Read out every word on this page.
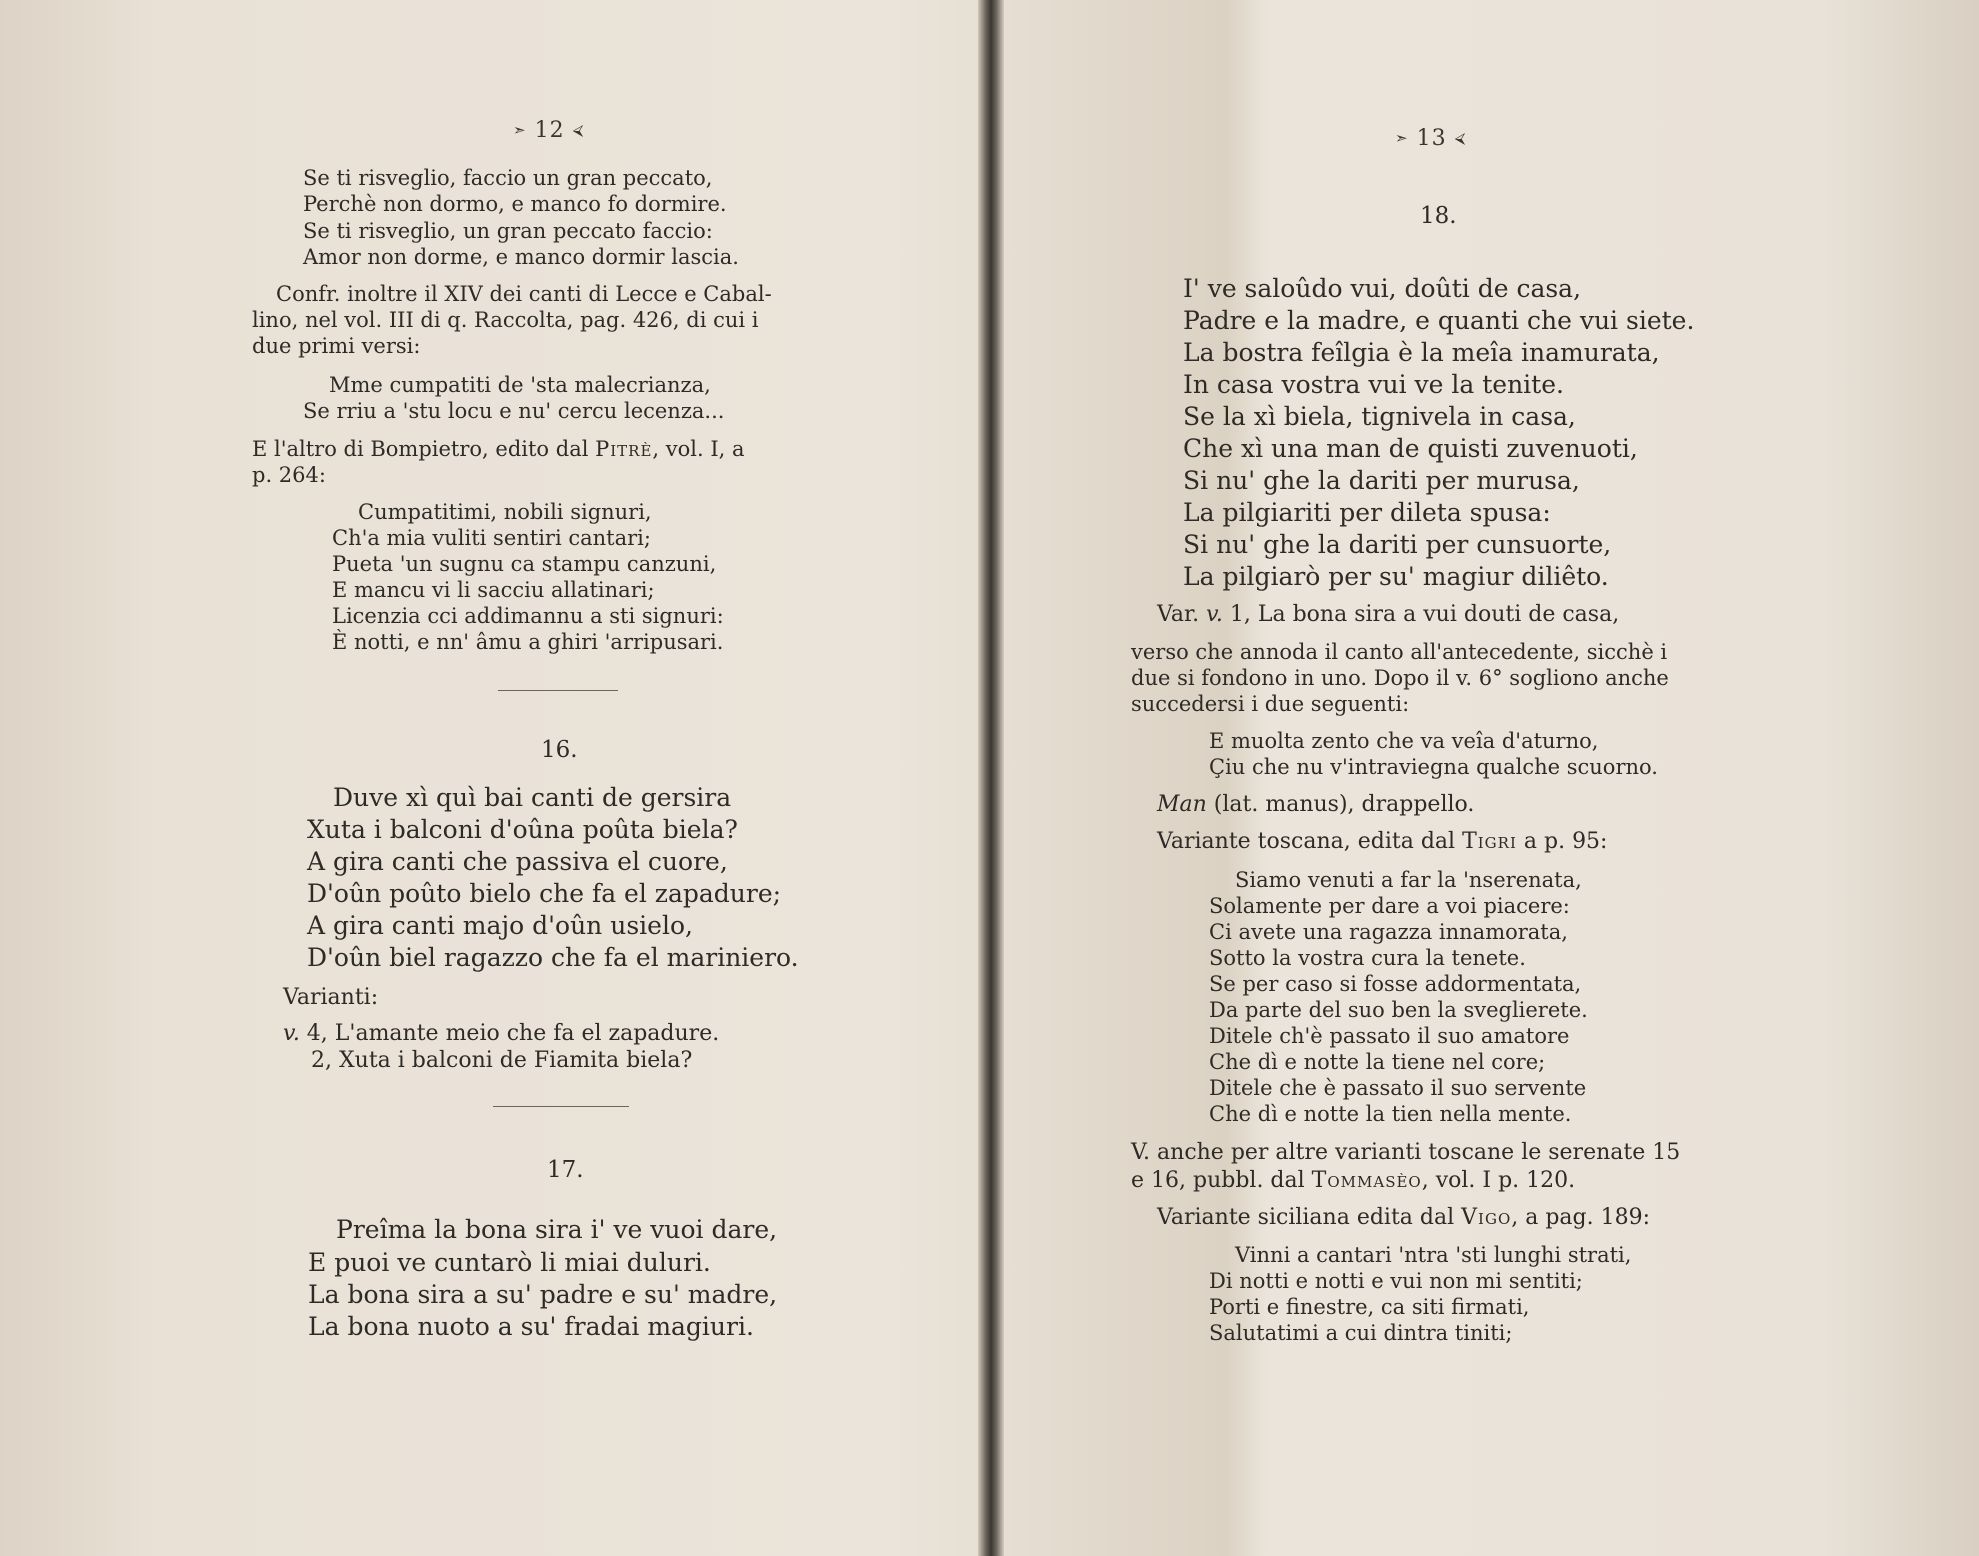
➣ 12 ⮘
Se ti risveglio, faccio un gran peccato,
Perchè non dormo, e manco fo dormire.
Se ti risveglio, un gran peccato faccio:
Amor non dorme, e manco dormir lascia.
Confr. inoltre il XIV dei canti di Lecce e Cabal-
lino, nel vol. III di q. Raccolta, pag. 426, di cui i
due primi versi:
Mme cumpatiti de 'sta malecrianza,
Se rriu a 'stu locu e nu' cercu lecenza...
E l'altro di Bompietro, edito dal Pitrè, vol. I, a
p. 264:
Cumpatitimi, nobili signuri,
Ch'a mia vuliti sentiri cantari;
Pueta 'un sugnu ca stampu canzuni,
E mancu vi li sacciu allatinari;
Licenzia cci addimannu a sti signuri:
È notti, e nn' âmu a ghiri 'arripusari.
16.
Duve xì quì bai canti de gersira
Xuta i balconi d'oûna poûta biela?
A gira canti che passiva el cuore,
D'oûn poûto bielo che fa el zapadure;
A gira canti majo d'oûn usielo,
D'oûn biel ragazzo che fa el mariniero.
Varianti:
v. 4, L'amante meio che fa el zapadure.
2, Xuta i balconi de Fiamita biela?
17.
Preîma la bona sira i' ve vuoi dare,
E puoi ve cuntarò li miai duluri.
La bona sira a su' padre e su' madre,
La bona nuoto a su' fradai magiuri.
➣ 13 ⮘
18.
I' ve saloûdo vui, doûti de casa,
Padre e la madre, e quanti che vui siete.
La bostra feîlgia è la meîa inamurata,
In casa vostra vui ve la tenite.
Se la xì biela, tignivela in casa,
Che xì una man de quisti zuvenuoti,
Si nu' ghe la dariti per murusa,
La pilgiariti per dileta spusa:
Si nu' ghe la dariti per cunsuorte,
La pilgiarò per su' magiur diliêto.
Var. v. 1, La bona sira a vui douti de casa,
verso che annoda il canto all'antecedente, sicchè i
due si fondono in uno. Dopo il v. 6° sogliono anche
succedersi i due seguenti:
E muolta zento che va veîa d'aturno,
Çiu che nu v'intraviegna qualche scuorno.
Man (lat. manus), drappello.
Variante toscana, edita dal Tigri a p. 95:
Siamo venuti a far la 'nserenata,
Solamente per dare a voi piacere:
Ci avete una ragazza innamorata,
Sotto la vostra cura la tenete.
Se per caso si fosse addormentata,
Da parte del suo ben la sveglierete.
Ditele ch'è passato il suo amatore
Che dì e notte la tiene nel core;
Ditele che è passato il suo servente
Che dì e notte la tien nella mente.
V. anche per altre varianti toscane le serenate 15
e 16, pubbl. dal Tommasèo, vol. I p. 120.
Variante siciliana edita dal Vigo, a pag. 189:
Vinni a cantari 'ntra 'sti lunghi strati,
Di notti e notti e vui non mi sentiti;
Porti e finestre, ca siti firmati,
Salutatimi a cui dintra tiniti;
